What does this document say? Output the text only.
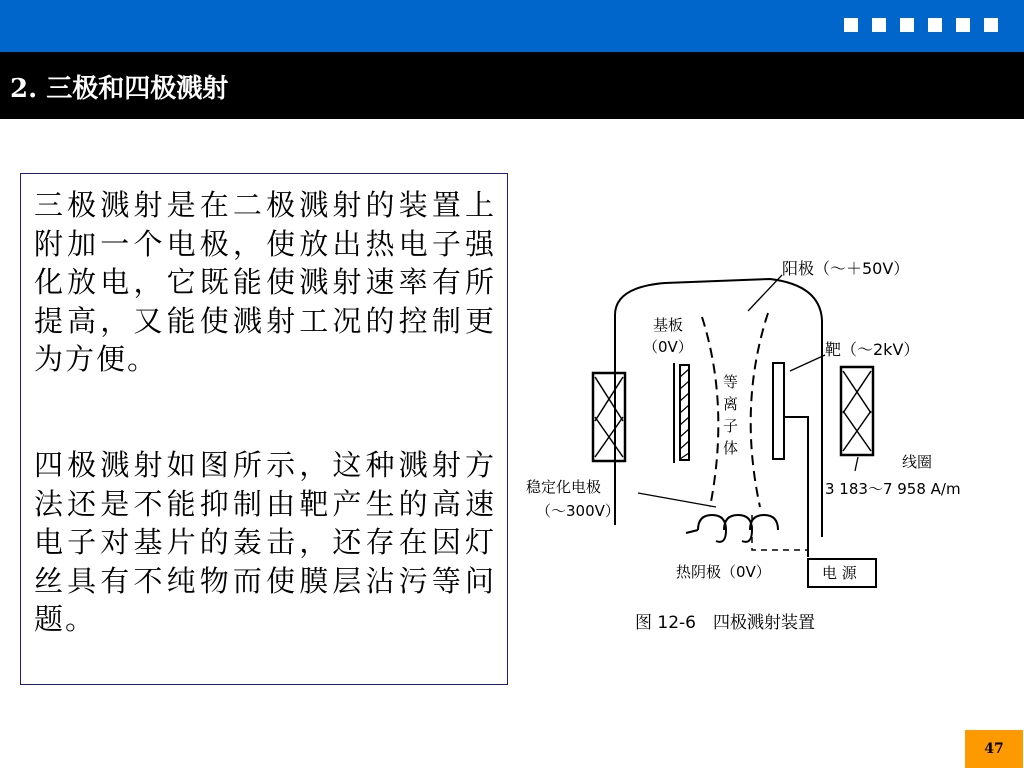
2. 三极和四极溅射

三极溅射是在二极溅射的装置上附加一个电极，使放出热电子强化放电，它既能使溅射速率有所提高，又能使溅射工况的控制更为方便。

四极溅射如图所示，这种溅射方法还是不能抑制由靶产生的高速电子对基片的轰击，还存在因灯丝具有不纯物而使膜层沾污等问题。

阳极（～＋50V）
基板
（0V）	靶（～2kV）
等
离
子
体
线圈
3 183～7 958 A/m
稳定化电极
（～300V）
热阴极（0V）	电 源
图 12-6　四极溅射装置
47
